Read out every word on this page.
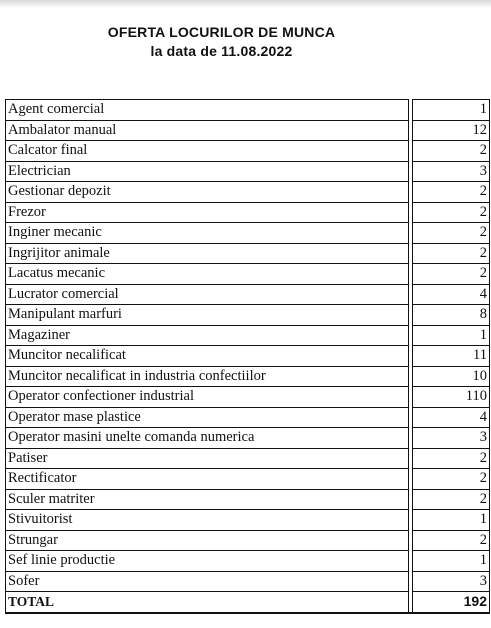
OFERTA LOCURILOR DE MUNCA
la data de 11.08.2022
Agent comercial		1
Ambalator manual		12
Calcator final		2
Electrician		3
Gestionar depozit		2
Frezor		2
Inginer mecanic		2
Ingrijitor animale		2
Lacatus mecanic		2
Lucrator comercial		4
Manipulant marfuri		8
Magaziner		1
Muncitor necalificat		11
Muncitor necalificat in industria confectiilor		10
Operator confectioner industrial		110
Operator mase plastice		4
Operator masini unelte comanda numerica		3
Patiser		2
Rectificator		2
Sculer matriter		2
Stivuitorist		1
Strungar		2
Sef linie productie		1
Sofer		3
TOTAL		192
